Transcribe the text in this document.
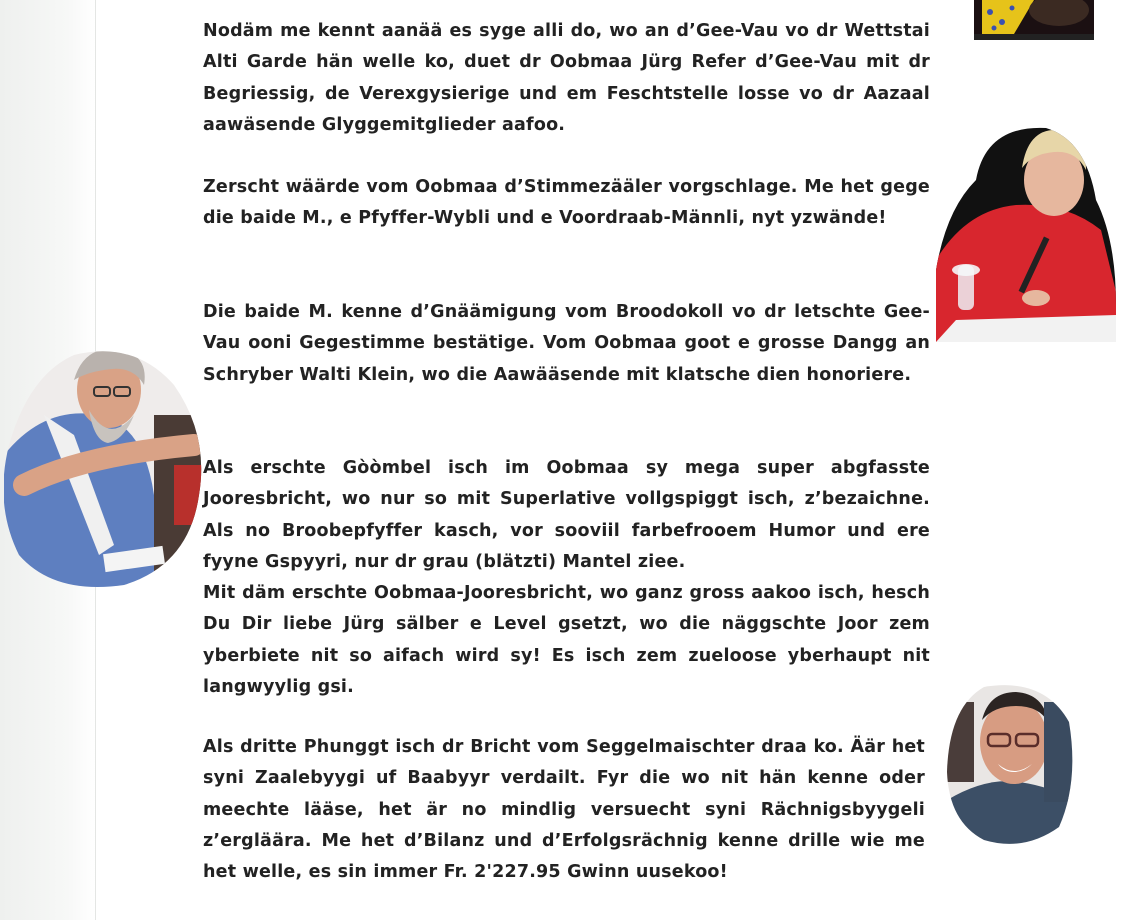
Nodäm me kennt aanää es syge alli do, wo an d’Gee-Vau vo dr Wettstai Alti Garde hän welle ko, duet dr Oobmaa Jürg Refer d’Gee-Vau mit dr Begriessig, de Verexgysierige und em Feschtstelle losse vo dr Aazaal aawäsende Glyggemitglieder aafoo.
Zerscht wäärde vom Oobmaa d’Stimmezääler vorgschlage. Me het gege die baide M., e Pfyffer-Wybli und e Voordraab-Männli, nyt yzwände!
Die baide M. kenne d’Gnäämigung vom Broodokoll vo dr letschte Gee-Vau ooni Gegestimme bestätige. Vom Oobmaa goot e grosse Dangg an Schryber Walti Klein, wo die Aawääsende mit klatsche dien honoriere.
Als erschte Gòòmbel isch im Oobmaa sy mega super abgfasste Jooresbricht, wo nur so mit Superlative vollgspiggt isch, z’bezaichne. Als no Broobepfyffer kasch, vor sooviil farbefrooem Humor und ere fyyne Gspyyri, nur dr grau (blätzti) Mantel ziee.
Mit däm erschte Oobmaa-Jooresbricht, wo ganz gross aakoo isch, hesch Du Dir liebe Jürg sälber e Level gsetzt, wo die näggschte Joor zem yberbiete nit so aifach wird sy! Es isch zem zueloose yberhaupt nit langwyylig gsi.
Als dritte Phunggt isch dr Bricht vom Seggelmaischter draa ko. Äär het syni Zaalebyygi uf Baabyyr verdailt. Fyr die wo nit hän kenne oder meechte lääse, het är no mindlig versuecht syni Rächnigsbyygeli z’ergläära. Me het d’Bilanz und d’Erfolgsrächnig kenne drille wie me het welle, es sin immer Fr. 2'227.95 Gwinn uusekoo!
